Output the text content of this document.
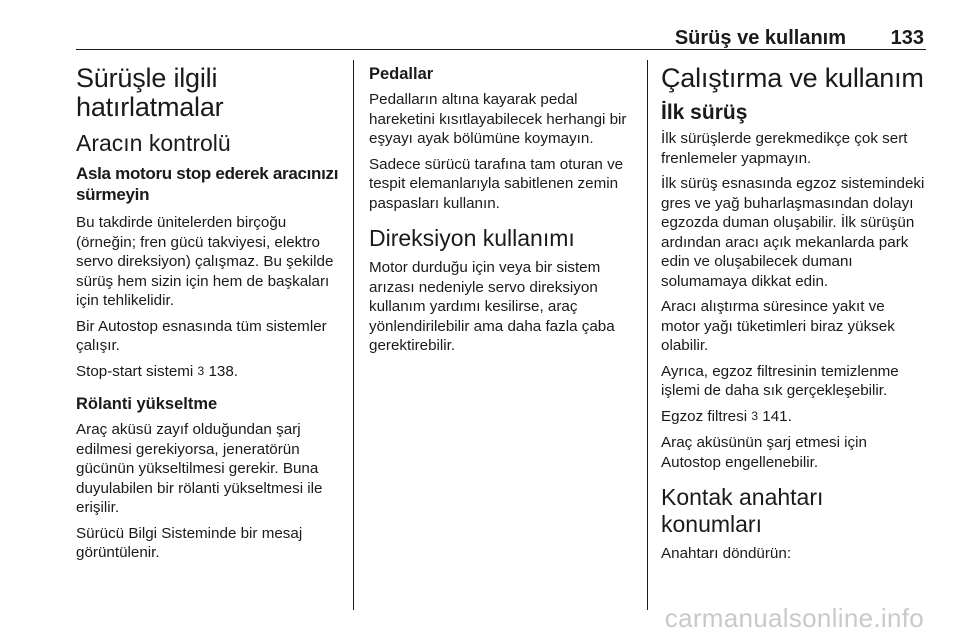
Sürüş ve kullanım 133
Sürüşle ilgili
hatırlatmalar
Aracın kontrolü
Asla motoru stop ederek aracınızı sürmeyin

Bu takdirde ünitelerden birçoğu (örneğin; fren gücü takviyesi, elektro servo direksiyon) çalışmaz. Bu şekilde sürüş hem sizin için hem de başkaları için tehlikelidir.

Bir Autostop esnasında tüm sistemler çalışır.

Stop-start sistemi 3 138.

Rölanti yükseltme

Araç aküsü zayıf olduğundan şarj edilmesi gerekiyorsa, jeneratörün gücünün yükseltilmesi gerekir. Buna duyulabilen bir rölanti yükseltmesi ile erişilir.

Sürücü Bilgi Sisteminde bir mesaj görüntülenir.

Pedallar

Pedalların altına kayarak pedal hareketini kısıtlayabilecek herhangi bir eşyayı ayak bölümüne koymayın.

Sadece sürücü tarafına tam oturan ve tespit elemanlarıyla sabitlenen zemin paspasları kullanın.

Direksiyon kullanımı

Motor durduğu için veya bir sistem arızası nedeniyle servo direksiyon kullanım yardımı kesilirse, araç yönlendirilebilir ama daha fazla çaba gerektirebilir.

Çalıştırma ve kullanım
İlk sürüş

İlk sürüşlerde gerekmedikçe çok sert frenlemeler yapmayın.

İlk sürüş esnasında egzoz sistemindeki gres ve yağ buharlaşmasından dolayı egzozda duman oluşabilir. İlk sürüşün ardından aracı açık mekanlarda park edin ve oluşabilecek dumanı solumamaya dikkat edin.

Aracı alıştırma süresince yakıt ve motor yağı tüketimleri biraz yüksek olabilir.

Ayrıca, egzoz filtresinin temizlenme işlemi de daha sık gerçekleşebilir.

Egzoz filtresi 3 141.

Araç aküsünün şarj etmesi için Autostop engellenebilir.

Kontak anahtarı konumları

Anahtarı döndürün:

carmanualsonline.info
